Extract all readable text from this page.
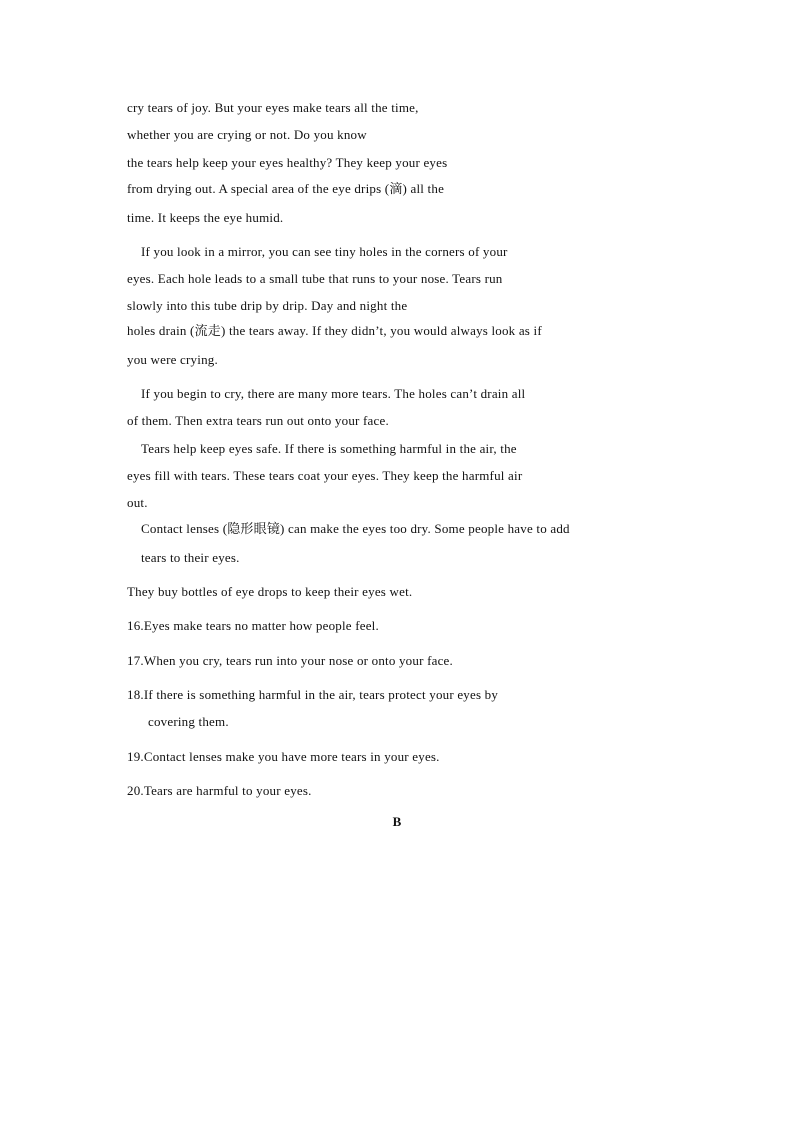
cry tears of joy. But your eyes make tears all the time,
whether you are crying or not. Do you know
the tears help keep your eyes healthy? They keep your eyes
from drying out. A special area of the eye drips (滴) all the
time. It keeps the eye humid.
If you look in a mirror, you can see tiny holes in the corners of your
eyes. Each hole leads to a small tube that runs to your nose. Tears run
slowly into this tube drip by drip. Day and night the
holes drain (流走) the tears away. If they didn’t, you would always look as if
you were crying.
If you begin to cry, there are many more tears. The holes can’t drain all
of them. Then extra tears run out onto your face.
Tears help keep eyes safe. If there is something harmful in the air, the
eyes fill with tears. These tears coat your eyes. They keep the harmful air
out.
Contact lenses (隐形眼镜) can make the eyes too dry. Some people have to add
tears to their eyes.
They buy bottles of eye drops to keep their eyes wet.
16.Eyes make tears no matter how people feel.
17.When you cry, tears run into your nose or onto your face.
18.If there is something harmful in the air, tears protect your eyes by
covering them.
19.Contact lenses make you have more tears in your eyes.
20.Tears are harmful to your eyes.
B
